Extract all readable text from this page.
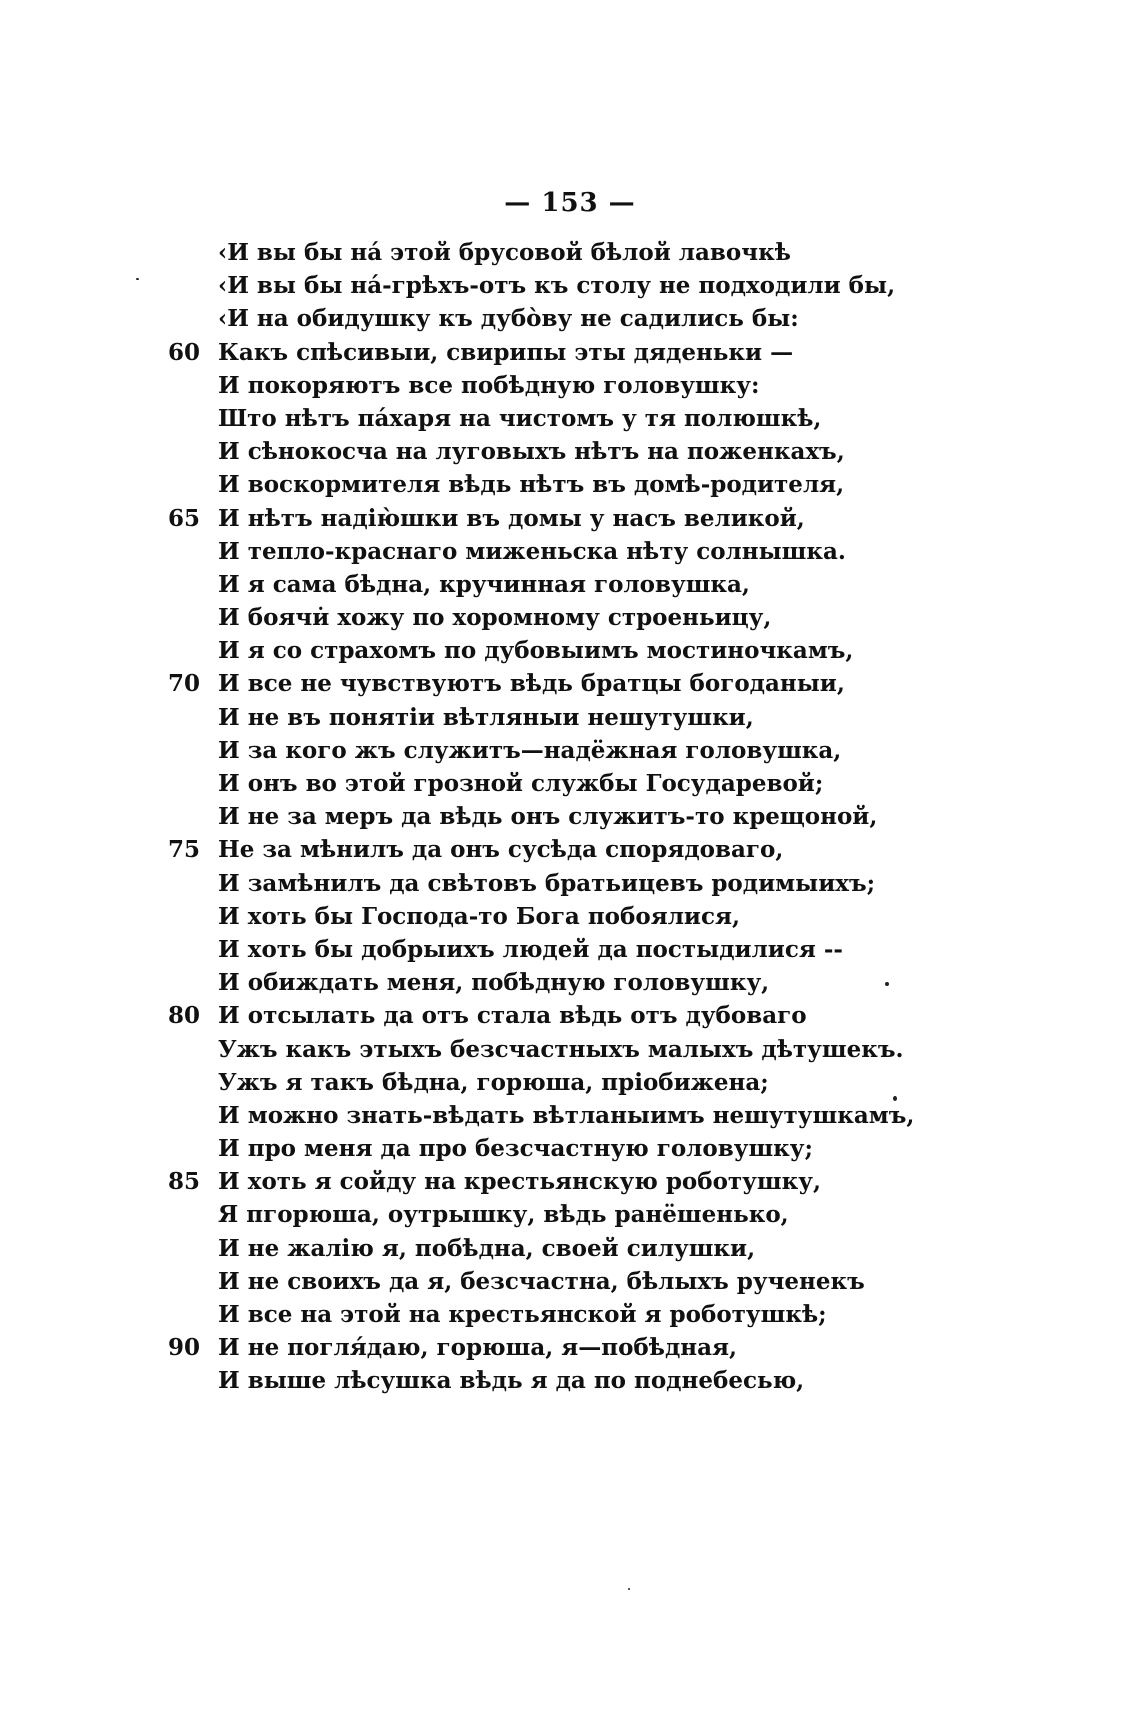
— 153 —
‹И вы бы на́ этой брусовой бѣлой лавочкѣ
‹И вы бы на́-грѣхъ-отъ къ столу не подходили бы,
‹И на обидушку къ дубо̀ву не садились бы:
60 Какъ спѣсивыи, свирипы эты дяденьки —
И покоряютъ все побѣдную головушку:
Што нѣтъ па́харя на чистомъ у тя полюшкѣ,
И сѣнокосча на луговыхъ нѣтъ на поженкахъ,
И воскормителя вѣдь нѣтъ въ домѣ-родителя,
65 И нѣтъ надію̀шки въ домы у насъ великой,
И тепло-краснаго миженьска нѣту солнышка.
И я сама бѣдна, кручинная головушка,
И боячи̇ хожу по хоромному строеньицу,
И я со страхомъ по дубовыимъ мостиночкамъ,
70 И все не чувствуютъ вѣдь братцы богоданыи,
И не въ понятіи вѣтляныи нешутушки,
И за кого жъ служитъ—надёжная головушка,
И онъ во этой грозной службы Государевой;
И не за меръ да вѣдь онъ служитъ-то крещоной,
75 Не за мѣнилъ да онъ сусѣда спорядоваго,
И замѣнилъ да свѣтовъ братьицевъ родимыихъ;
И хоть бы Господа-то Бога побоялися,
И хоть бы добрыихъ людей да постыдилися --
И обиждать меня, побѣдную головушку,
80 И отсылать да отъ стала вѣдь отъ дубоваго
Ужъ какъ этыхъ безсчастныхъ малыхъ дѣтушекъ.
Ужъ я такъ бѣдна, горюша, пріобижена;
И можно знать-вѣдать вѣтланыимъ нешутушкамъ,
И про меня да про безсчастную головушку;
85 И хоть я сойду на крестьянскую роботушку,
Я пгорюша, оутрышку, вѣдь ранёшенько,
И не жалію я, побѣдна, своей силушки,
И не своихъ да я, безсчастна, бѣлыхъ рученекъ
И все на этой на крестьянской я роботушкѣ;
90 И не погля́даю, горюша, я—побѣдная,
И выше лѣсушка вѣдь я да по поднебесью,
